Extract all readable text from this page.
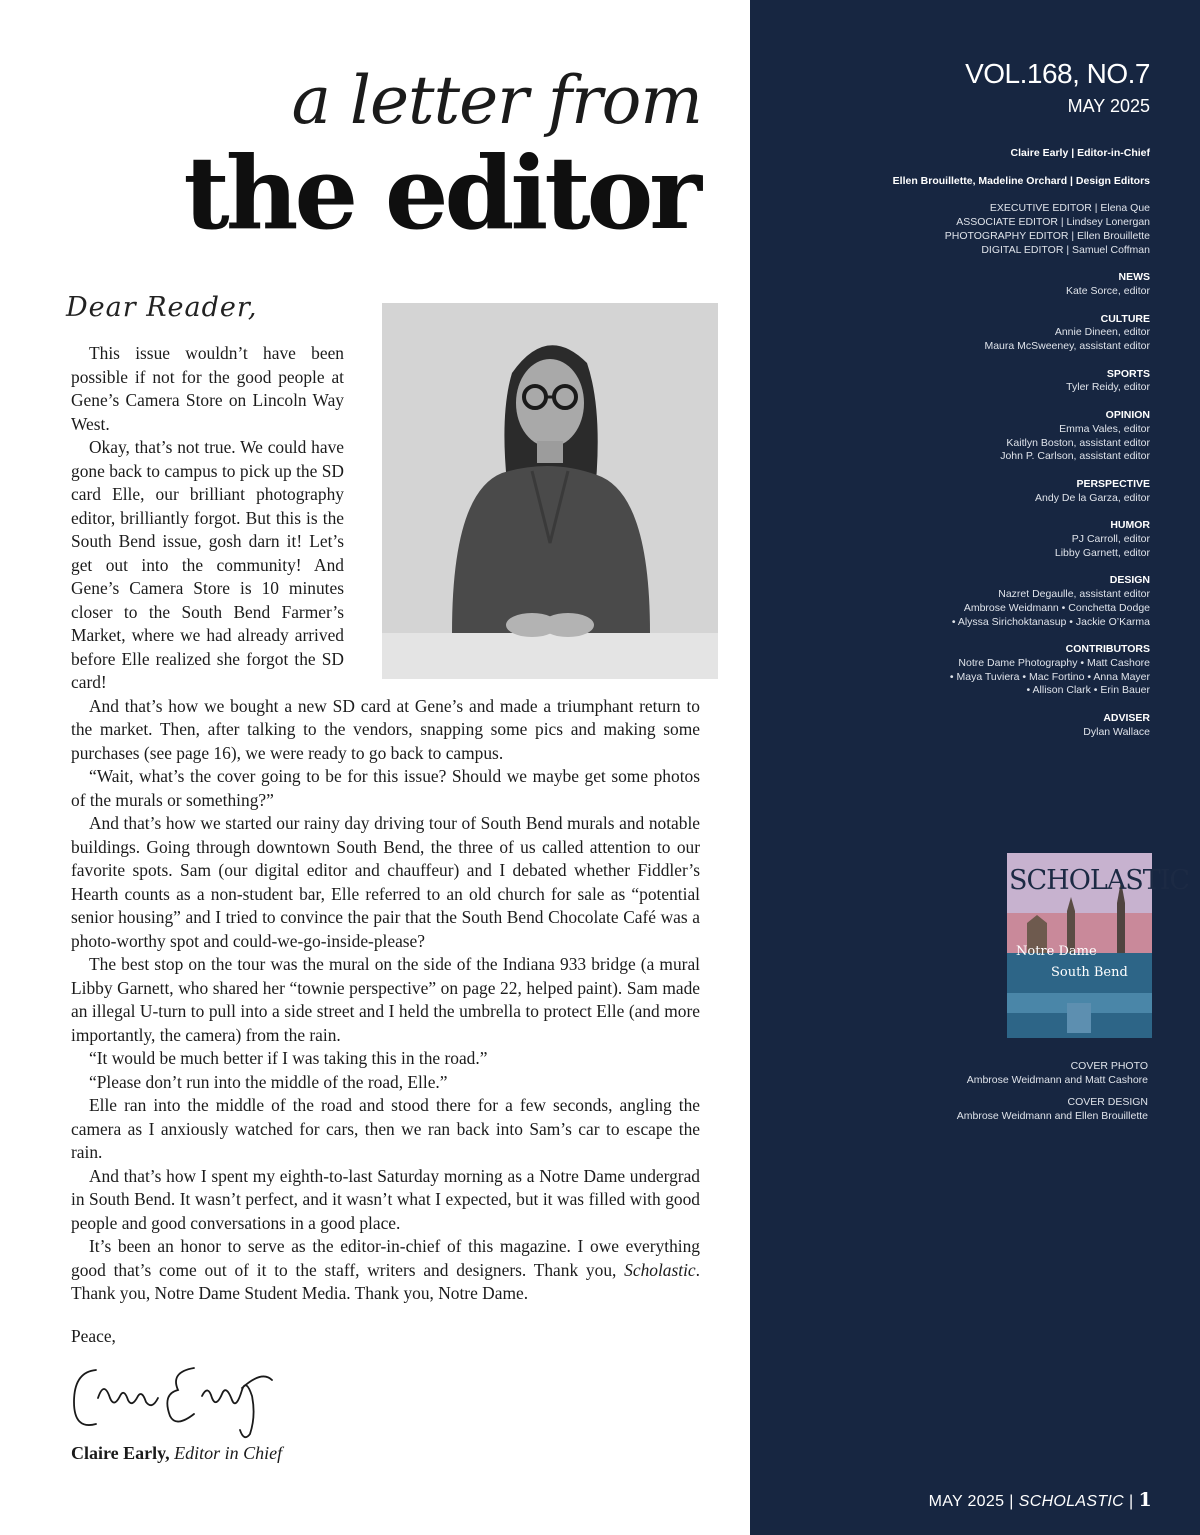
a letter from
the editor
Dear Reader,

This issue wouldn’t have been possible if not for the good people at Gene’s Camera Store on Lincoln Way West.

Okay, that’s not true. We could have gone back to campus to pick up the SD card Elle, our brilliant photography editor, brilliantly forgot. But this is the South Bend issue, gosh darn it! Let’s get out into the community! And Gene’s Camera Store is 10 minutes closer to the South Bend Farmer’s Market, where we had already arrived before Elle realized she forgot the SD card!

And that’s how we bought a new SD card at Gene’s and made a triumphant return to the market. Then, after talking to the vendors, snapping some pics and making some purchases (see page 16), we were ready to go back to campus.

“Wait, what’s the cover going to be for this issue? Should we maybe get some photos of the murals or something?”

And that’s how we started our rainy day driving tour of South Bend murals and notable buildings. Going through downtown South Bend, the three of us called attention to our favorite spots. Sam (our digital editor and chauffeur) and I debated whether Fiddler’s Hearth counts as a non-student bar, Elle referred to an old church for sale as “potential senior housing” and I tried to convince the pair that the South Bend Chocolate Café was a photo-worthy spot and could-we-go-inside-please?

The best stop on the tour was the mural on the side of the Indiana 933 bridge (a mural Libby Garnett, who shared her “townie perspective” on page 22, helped paint). Sam made an illegal U-turn to pull into a side street and I held the umbrella to protect Elle (and more importantly, the camera) from the rain.

“It would be much better if I was taking this in the road.”

“Please don’t run into the middle of the road, Elle.”

Elle ran into the middle of the road and stood there for a few seconds, angling the camera as I anxiously watched for cars, then we ran back into Sam’s car to escape the rain.

And that’s how I spent my eighth-to-last Saturday morning as a Notre Dame undergrad in South Bend. It wasn’t perfect, and it wasn’t what I expected, but it was filled with good people and good conversations in a good place.

It’s been an honor to serve as the editor-in-chief of this magazine. I owe everything good that’s come out of it to the staff, writers and designers. Thank you, Scholastic. Thank you, Notre Dame Student Media. Thank you, Notre Dame.

Peace,
Claire Early, Editor in Chief
VOL.168, NO.7
MAY 2025
Claire Early | Editor-in-Chief
Ellen Brouillette, Madeline Orchard | Design Editors
EXECUTIVE EDITOR | Elena Que
ASSOCIATE EDITOR | Lindsey Lonergan
PHOTOGRAPHY EDITOR | Ellen Brouillette
DIGITAL EDITOR | Samuel Coffman
NEWS
Kate Sorce, editor
CULTURE
Annie Dineen, editor
Maura McSweeney, assistant editor
SPORTS
Tyler Reidy, editor
OPINION
Emma Vales, editor
Kaitlyn Boston, assistant editor
John P. Carlson, assistant editor
PERSPECTIVE
Andy De la Garza, editor
HUMOR
PJ Carroll, editor
Libby Garnett, editor
DESIGN
Nazret Degaulle, assistant editor
Ambrose Weidmann • Conchetta Dodge
• Alyssa Sirichoktanasup • Jackie O’Karma
CONTRIBUTORS
Notre Dame Photography • Matt Cashore
• Maya Tuviera • Mac Fortino • Anna Mayer
• Allison Clark • Erin Bauer
ADVISER
Dylan Wallace
SCHOLASTIC
Notre Dame
South Bend
COVER PHOTO
Ambrose Weidmann and Matt Cashore
COVER DESIGN
Ambrose Weidmann and Ellen Brouillette
MAY 2025 | SCHOLASTIC | 1
